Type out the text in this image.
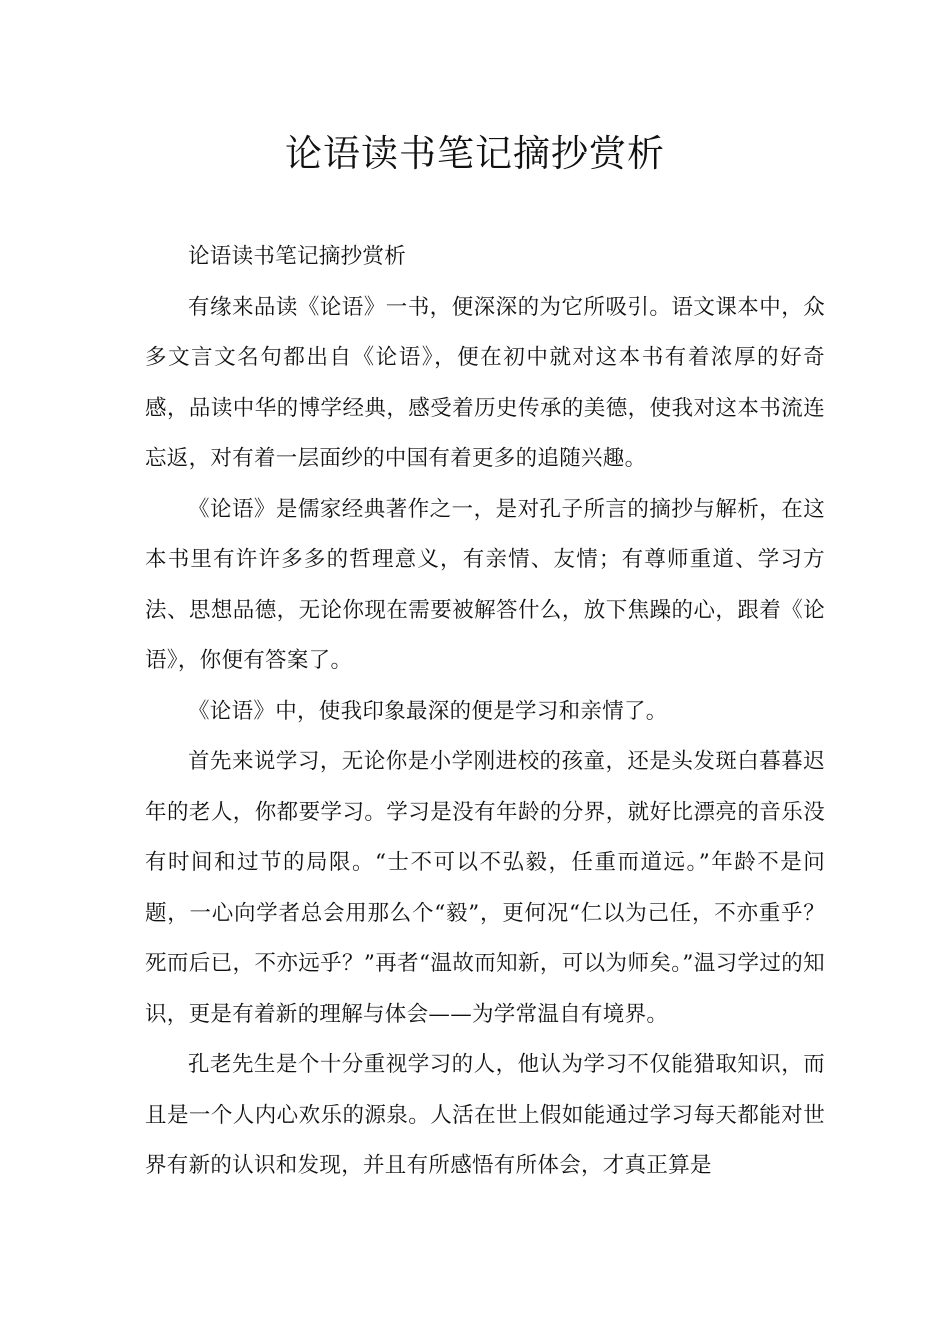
论语读书笔记摘抄赏析

论语读书笔记摘抄赏析

有缘来品读《论语》一书，便深深的为它所吸引。语文课本中，众多文言文名句都出自《论语》，便在初中就对这本书有着浓厚的好奇感，品读中华的博学经典，感受着历史传承的美德，使我对这本书流连忘返，对有着一层面纱的中国有着更多的追随兴趣。

《论语》是儒家经典著作之一，是对孔子所言的摘抄与解析，在这本书里有许许多多的哲理意义，有亲情、友情；有尊师重道、学习方法、思想品德，无论你现在需要被解答什么，放下焦躁的心，跟着《论语》，你便有答案了。

《论语》中，使我印象最深的便是学习和亲情了。

首先来说学习，无论你是小学刚进校的孩童，还是头发斑白暮暮迟年的老人，你都要学习。学习是没有年龄的分界，就好比漂亮的音乐没有时间和过节的局限。“士不可以不弘毅，任重而道远。”年龄不是问题，一心向学者总会用那么个“毅”，更何况“仁以为己任，不亦重乎？死而后已，不亦远乎？”再者“温故而知新，可以为师矣。”温习学过的知识，更是有着新的理解与体会——为学常温自有境界。

孔老先生是个十分重视学习的人，他认为学习不仅能猎取知识，而且是一个人内心欢乐的源泉。人活在世上假如能通过学习每天都能对世界有新的认识和发现，并且有所感悟有所体会，才真正算是
